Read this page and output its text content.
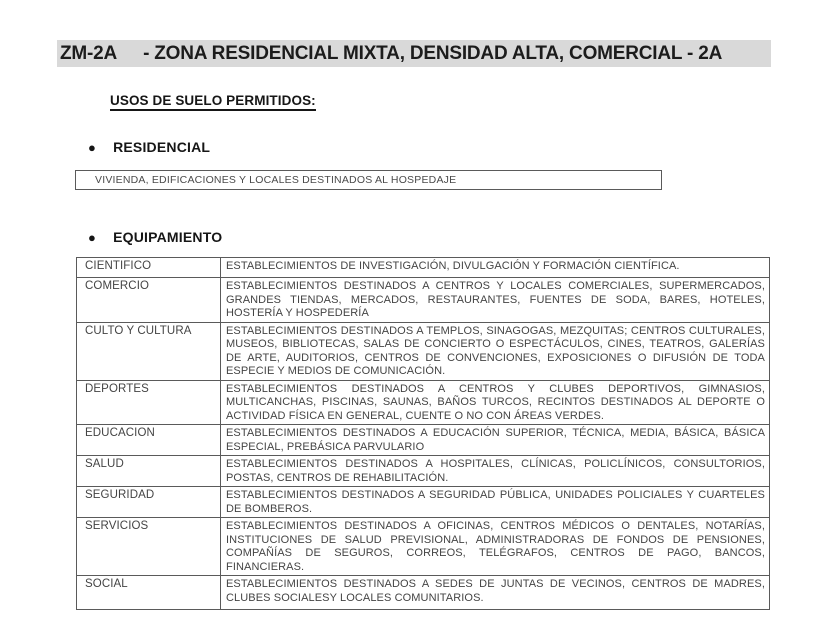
ZM-2A - ZONA RESIDENCIAL MIXTA, DENSIDAD ALTA, COMERCIAL - 2A
USOS DE SUELO PERMITIDOS:
● RESIDENCIAL
VIVIENDA, EDIFICACIONES Y LOCALES DESTINADOS AL HOSPEDAJE
● EQUIPAMIENTO
CIENTIFICO	ESTABLECIMIENTOS DE INVESTIGACIÓN, DIVULGACIÓN Y FORMACIÓN CIENTÍFICA.
COMERCIO	ESTABLECIMIENTOS DESTINADOS A CENTROS Y LOCALES COMERCIALES, SUPERMERCADOS, GRANDES TIENDAS, MERCADOS, RESTAURANTES, FUENTES DE SODA, BARES, HOTELES, HOSTERÍA Y HOSPEDERÍA
CULTO Y CULTURA	ESTABLECIMIENTOS DESTINADOS A TEMPLOS, SINAGOGAS, MEZQUITAS; CENTROS CULTURALES, MUSEOS, BIBLIOTECAS, SALAS DE CONCIERTO O ESPECTÁCULOS, CINES, TEATROS, GALERÍAS DE ARTE, AUDITORIOS, CENTROS DE CONVENCIONES, EXPOSICIONES O DIFUSIÓN DE TODA ESPECIE Y MEDIOS DE COMUNICACIÓN.
DEPORTES	ESTABLECIMIENTOS DESTINADOS A CENTROS Y CLUBES DEPORTIVOS, GIMNASIOS, MULTICANCHAS, PISCINAS, SAUNAS, BAÑOS TURCOS, RECINTOS DESTINADOS AL DEPORTE O ACTIVIDAD FÍSICA EN GENERAL, CUENTE O NO CON ÁREAS VERDES.
EDUCACION	ESTABLECIMIENTOS DESTINADOS A EDUCACIÓN SUPERIOR, TÉCNICA, MEDIA, BÁSICA, BÁSICA ESPECIAL, PREBÁSICA PARVULARIO
SALUD	ESTABLECIMIENTOS DESTINADOS A HOSPITALES, CLÍNICAS, POLICLÍNICOS, CONSULTORIOS, POSTAS, CENTROS DE REHABILITACIÓN.
SEGURIDAD	ESTABLECIMIENTOS DESTINADOS A SEGURIDAD PÚBLICA, UNIDADES POLICIALES Y CUARTELES DE BOMBEROS.
SERVICIOS	ESTABLECIMIENTOS DESTINADOS A OFICINAS, CENTROS MÉDICOS O DENTALES, NOTARÍAS, INSTITUCIONES DE SALUD PREVISIONAL, ADMINISTRADORAS DE FONDOS DE PENSIONES, COMPAÑÍAS DE SEGUROS, CORREOS, TELÉGRAFOS, CENTROS DE PAGO, BANCOS, FINANCIERAS.
SOCIAL	ESTABLECIMIENTOS DESTINADOS A SEDES DE JUNTAS DE VECINOS, CENTROS DE MADRES, CLUBES SOCIALESY LOCALES COMUNITARIOS.
